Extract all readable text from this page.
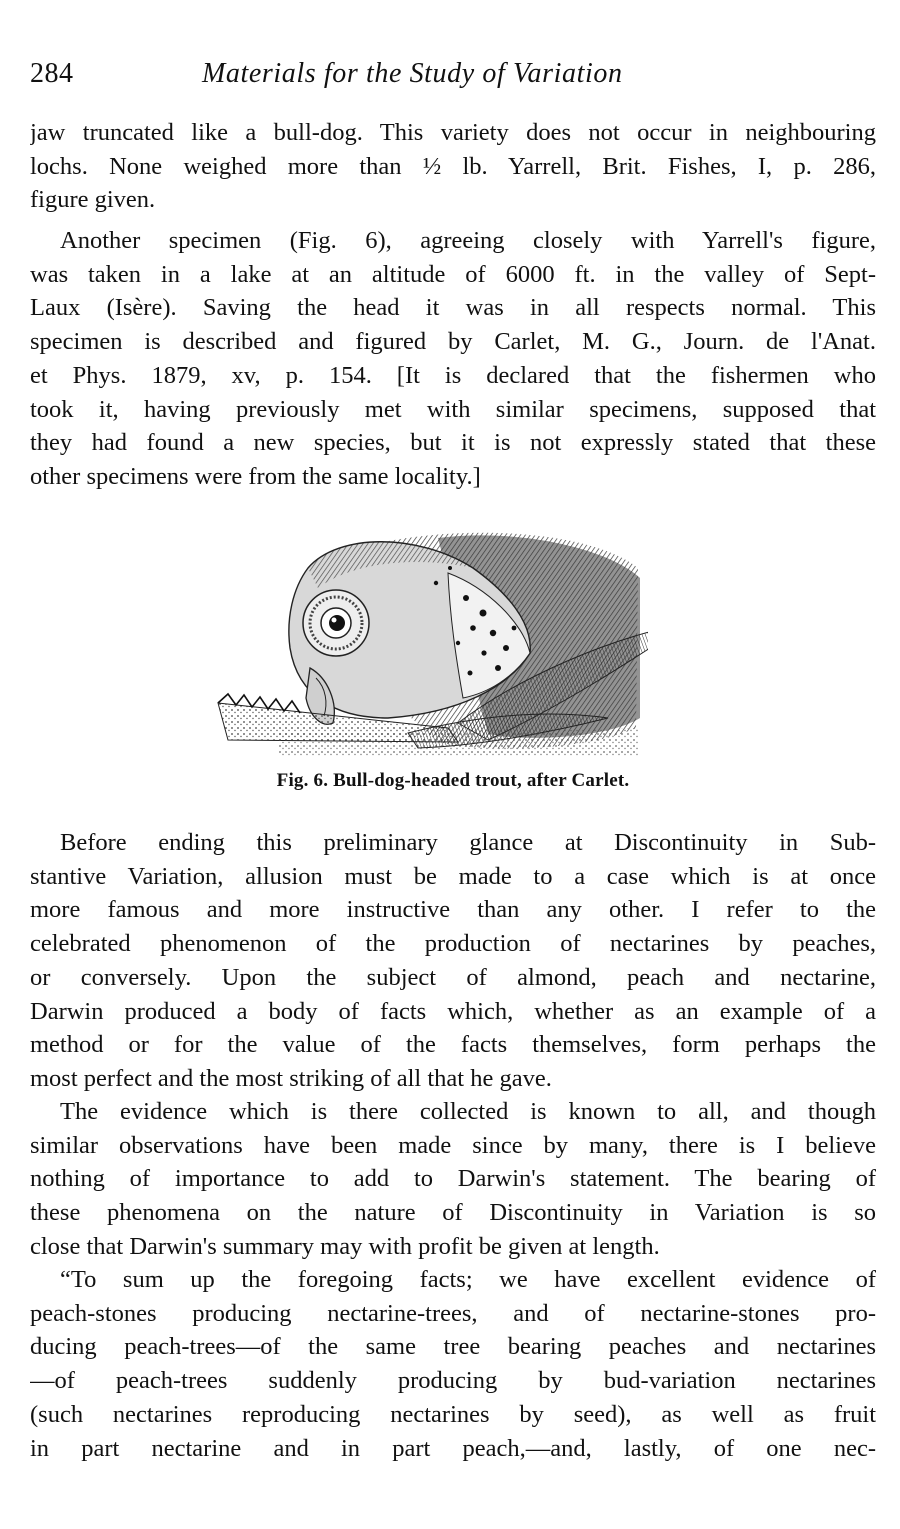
284	Materials for the Study of Variation
jaw truncated like a bull-dog. This variety does not occur in neighbouring
lochs. None weighed more than ½ lb. Yarrell, Brit. Fishes, I, p. 286,
figure given.
Another specimen (Fig. 6), agreeing closely with Yarrell's figure,
was taken in a lake at an altitude of 6000 ft. in the valley of Sept-
Laux (Isère). Saving the head it was in all respects normal. This
specimen is described and figured by Carlet, M. G., Journ. de l'Anat.
et Phys. 1879, xv, p. 154. [It is declared that the fishermen who
took it, having previously met with similar specimens, supposed that
they had found a new species, but it is not expressly stated that these
other specimens were from the same locality.]
Fig. 6. Bull-dog-headed trout, after Carlet.
Before ending this preliminary glance at Discontinuity in Sub-
stantive Variation, allusion must be made to a case which is at once
more famous and more instructive than any other. I refer to the
celebrated phenomenon of the production of nectarines by peaches,
or conversely. Upon the subject of almond, peach and nectarine,
Darwin produced a body of facts which, whether as an example of a
method or for the value of the facts themselves, form perhaps the
most perfect and the most striking of all that he gave.
The evidence which is there collected is known to all, and though
similar observations have been made since by many, there is I believe
nothing of importance to add to Darwin's statement. The bearing of
these phenomena on the nature of Discontinuity in Variation is so
close that Darwin's summary may with profit be given at length.
“To sum up the foregoing facts; we have excellent evidence of
peach-stones producing nectarine-trees, and of nectarine-stones pro-
ducing peach-trees—of the same tree bearing peaches and nectarines
—of peach-trees suddenly producing by bud-variation nectarines
(such nectarines reproducing nectarines by seed), as well as fruit
in part nectarine and in part peach,—and, lastly, of one nec-
